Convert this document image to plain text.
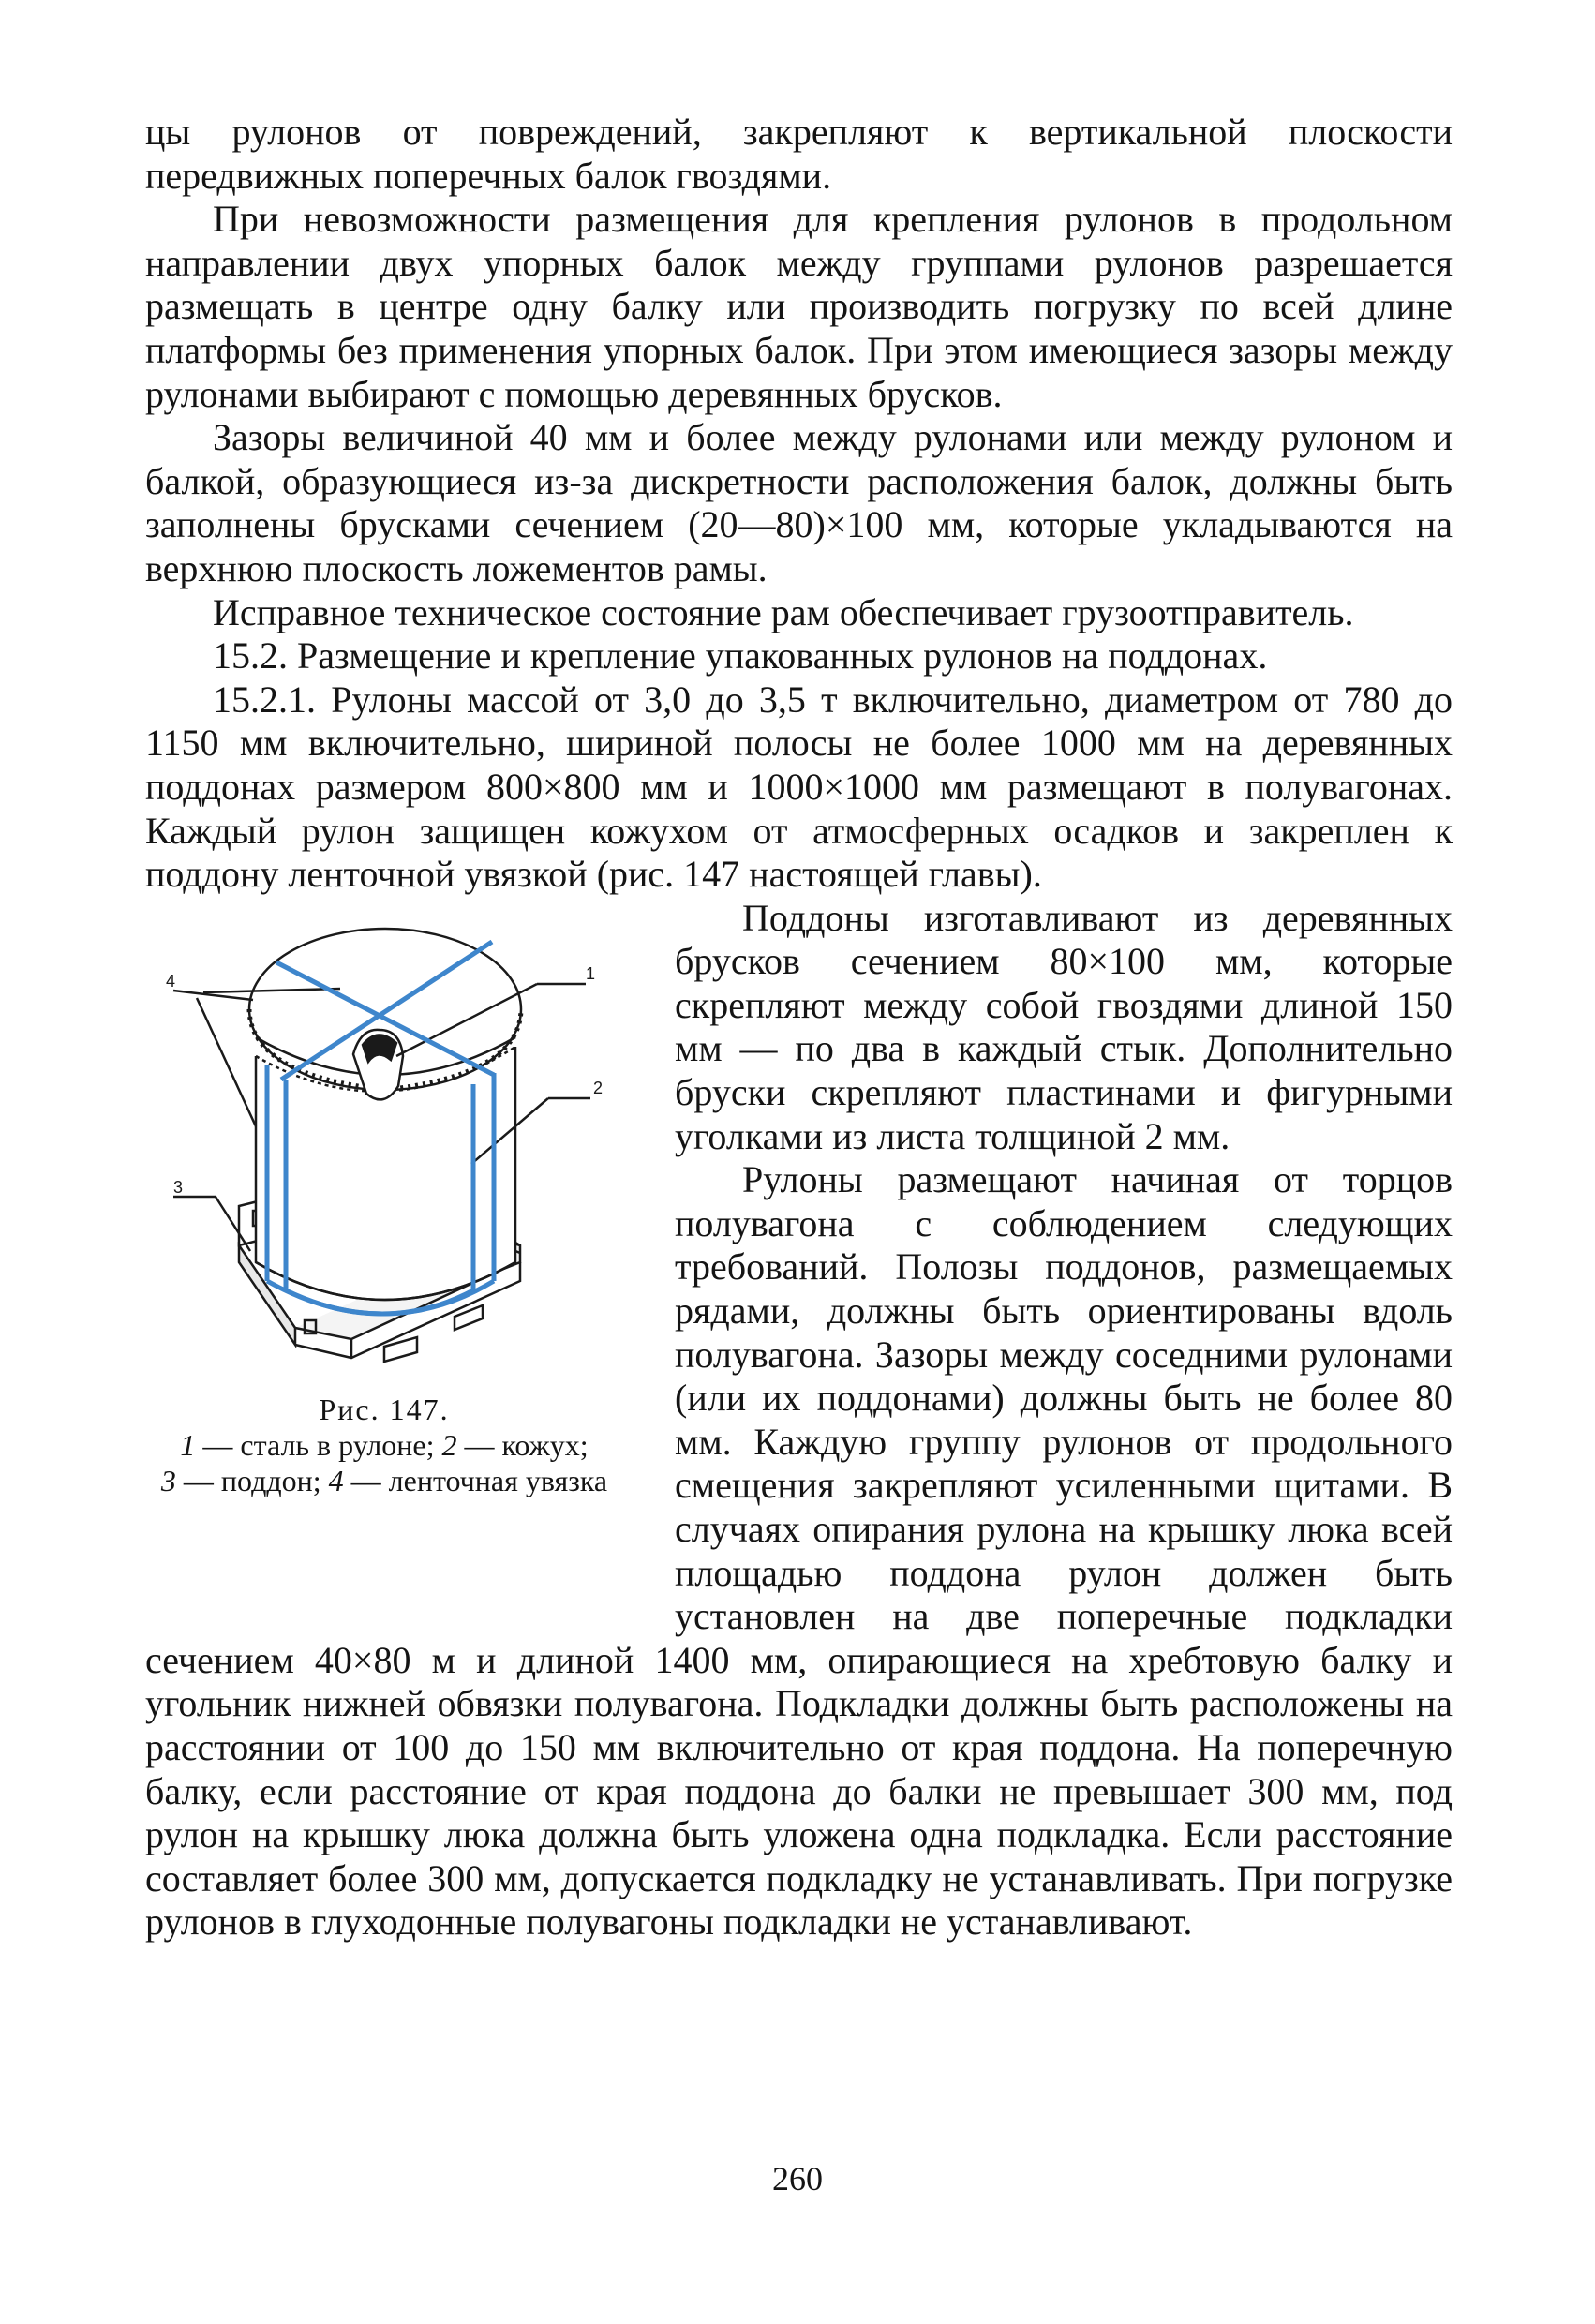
цы рулонов от повреждений, закрепляют к вертикальной плоскости передвижных поперечных балок гвоздями.

При невозможности размещения для крепления рулонов в продольном направлении двух упорных балок между группами рулонов разрешается размещать в центре одну балку или производить погрузку по всей длине платформы без применения упорных балок. При этом имеющиеся зазоры между рулонами выбирают с помощью деревянных брусков.

Зазоры величиной 40 мм и более между рулонами или между рулоном и балкой, образующиеся из-за дискретности расположения балок, должны быть заполнены брусками сечением (20—80)×100 мм, которые укладываются на верхнюю плоскость ложементов рамы.

Исправное техническое состояние рам обеспечивает грузоотправитель.

15.2. Размещение и крепление упакованных рулонов на поддонах.

15.2.1. Рулоны массой от 3,0 до 3,5 т включительно, диаметром от 780 до 1150 мм включительно, шириной полосы не более 1000 мм на деревянных поддонах размером 800×800 мм и 1000×1000 мм размещают в полувагонах. Каждый рулон защищен кожухом от атмосферных осадков и закреплен к поддону ленточной увязкой (рис. 147 настоящей главы).

4	1
2
3
Рис. 147.
1 — сталь в рулоне; 2 — кожух;
3 — поддон; 4 — ленточная увязка

Поддоны изготавливают из деревянных брусков сечением 80×100 мм, которые скрепляют между собой гвоздями длиной 150 мм — по два в каждый стык. Дополнительно бруски скрепляют пластинами и фигурными уголками из листа толщиной 2 мм.

Рулоны размещают начиная от торцов полувагона с соблюдением следующих требований. Полозы поддонов, размещаемых рядами, должны быть ориентированы вдоль полувагона. Зазоры между соседними рулонами (или их поддонами) должны быть не более 80 мм. Каждую группу рулонов от продольного смещения закрепляют усиленными щитами. В случаях опирания рулона на крышку люка всей площадью поддона рулон должен быть установлен на две поперечные подкладки сечением 40×80 м и длиной 1400 мм, опирающиеся на хребтовую балку и угольник нижней обвязки полувагона. Подкладки должны быть расположены на расстоянии от 100 до 150 мм включительно от края поддона. На поперечную балку, если расстояние от края поддона до балки не превышает 300 мм, под рулон на крышку люка должна быть уложена одна подкладка. Если расстояние составляет более 300 мм, допускается подкладку не устанавливать. При погрузке рулонов в глуходонные полувагоны подкладки не устанавливают.

260
